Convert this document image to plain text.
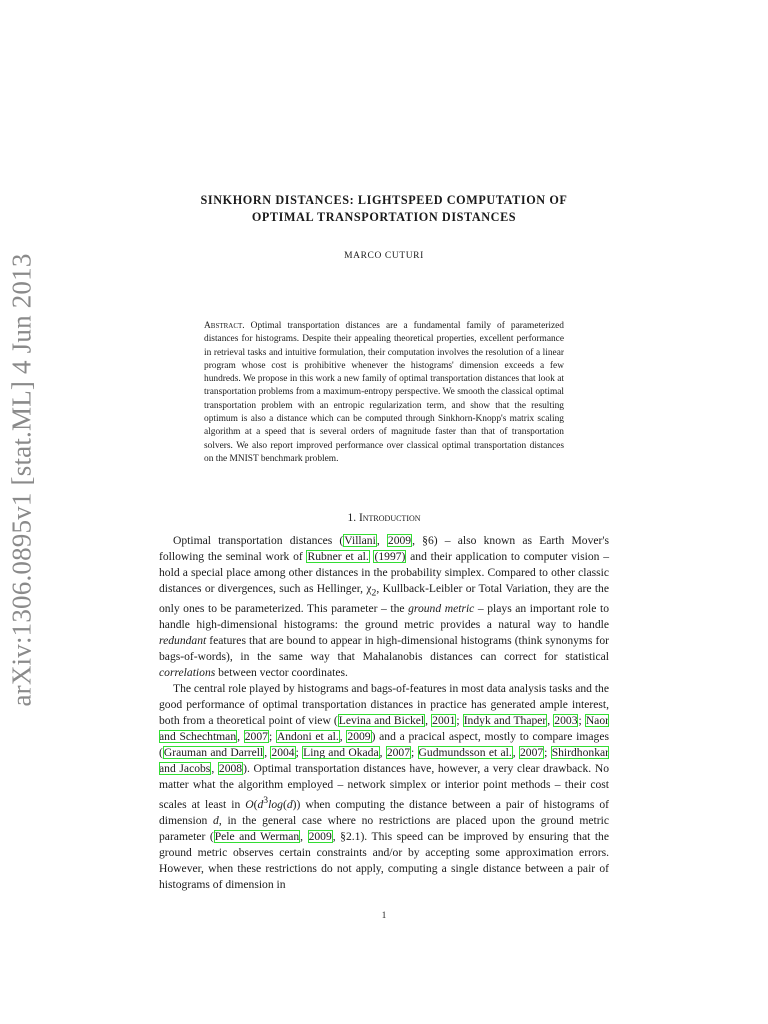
arXiv:1306.0895v1 [stat.ML] 4 Jun 2013
SINKHORN DISTANCES: LIGHTSPEED COMPUTATION OF
OPTIMAL TRANSPORTATION DISTANCES
MARCO CUTURI

Abstract. Optimal transportation distances are a fundamental family of parameterized distances for histograms. Despite their appealing theoretical properties, excellent performance in retrieval tasks and intuitive formulation, their computation involves the resolution of a linear program whose cost is prohibitive whenever the histograms' dimension exceeds a few hundreds. We propose in this work a new family of optimal transportation distances that look at transportation problems from a maximum-entropy perspective. We smooth the classical optimal transportation problem with an entropic regularization term, and show that the resulting optimum is also a distance which can be computed through Sinkhorn-Knopp's matrix scaling algorithm at a speed that is several orders of magnitude faster than that of transportation solvers. We also report improved performance over classical optimal transportation distances on the MNIST benchmark problem.

1. Introduction

Optimal transportation distances (Villani, 2009, §6) – also known as Earth Mover's following the seminal work of Rubner et al. (1997) and their application to computer vision – hold a special place among other distances in the probability simplex. Compared to other classic distances or divergences, such as Hellinger, $\chi_2$, Kullback-Leibler or Total Variation, they are the only ones to be parameterized. This parameter – the ground metric – plays an important role to handle high-dimensional histograms: the ground metric provides a natural way to handle redundant features that are bound to appear in high-dimensional histograms (think synonyms for bags-of-words), in the same way that Mahalanobis distances can correct for statistical correlations between vector coordinates.

The central role played by histograms and bags-of-features in most data analysis tasks and the good performance of optimal transportation distances in practice has generated ample interest, both from a theoretical point of view (Levina and Bickel, 2001; Indyk and Thaper, 2003; Naor and Schechtman, 2007; Andoni et al., 2009) and a pracical aspect, mostly to compare images (Grauman and Darrell, 2004; Ling and Okada, 2007; Gudmundsson et al., 2007; Shirdhonkar and Jacobs, 2008). Optimal transportation distances have, however, a very clear drawback. No matter what the algorithm employed – network simplex or interior point methods – their cost scales at least in $O(d^3\log(d))$ when computing the distance between a pair of histograms of dimension d, in the general case where no restrictions are placed upon the ground metric parameter (Pele and Werman, 2009, §2.1). This speed can be improved by ensuring that the ground metric observes certain constraints and/or by accepting some approximation errors. However, when these restrictions do not apply, computing a single distance between a pair of histograms of dimension in

1
